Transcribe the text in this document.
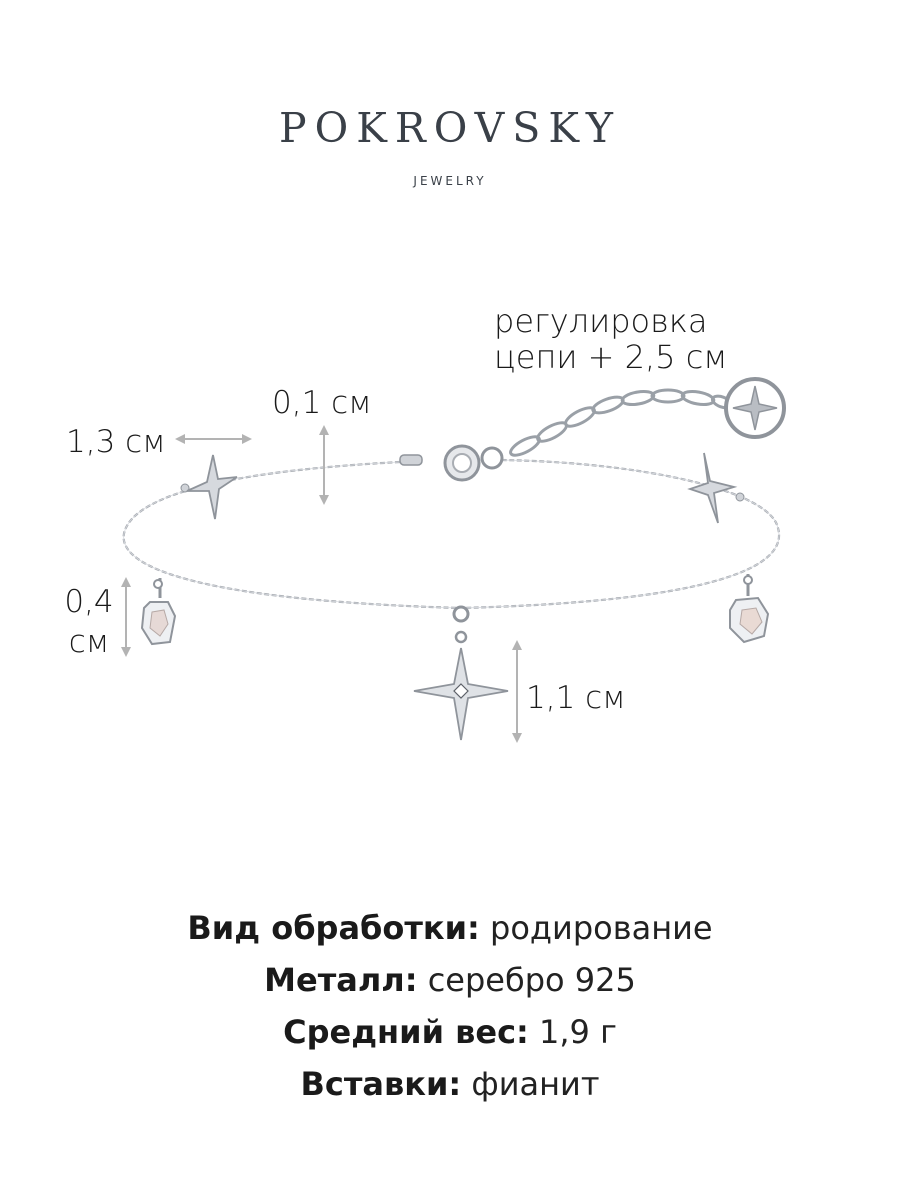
POKROVSKY
JEWELRY
регулировка
цепи + 2,5 см
0,1 см
1,3 см
0,4
см
1,1 см
Вид обработки: родирование
Металл: серебро 925
Средний вес: 1,9 г
Вставки: фианит
